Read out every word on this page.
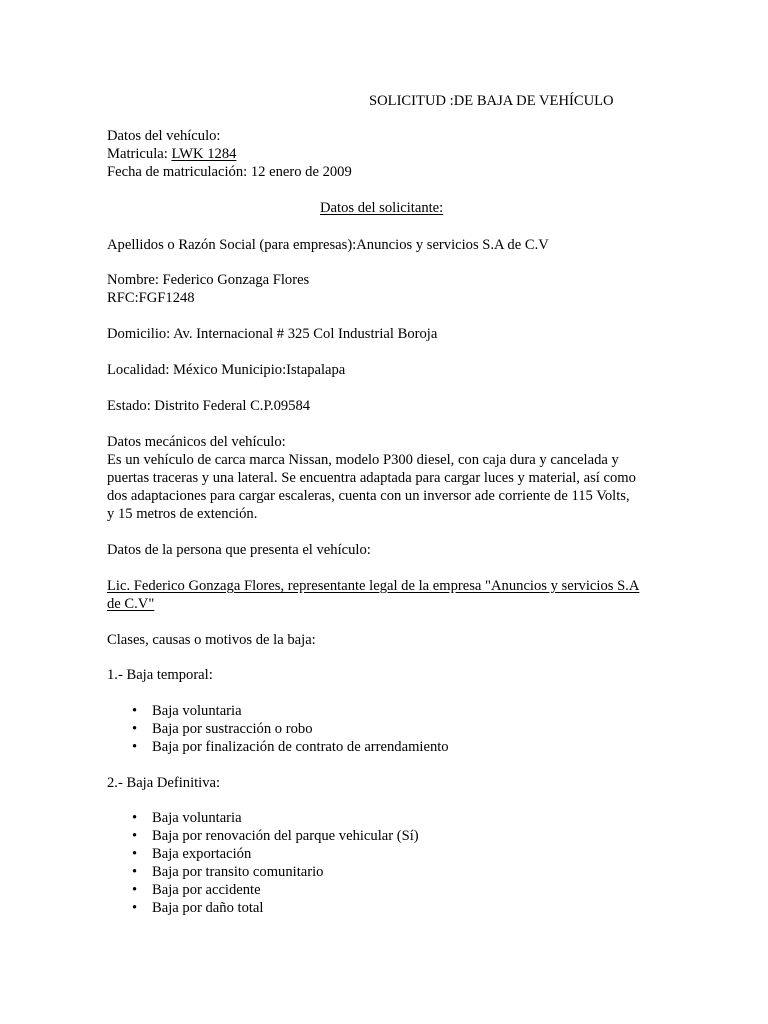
SOLICITUD :DE BAJA DE VEHÍCULO
Datos del vehículo:
Matricula: LWK 1284
Fecha de matriculación: 12 enero de 2009
Datos del solicitante:
Apellidos o Razón Social (para empresas):Anuncios y servicios S.A de C.V
Nombre: Federico Gonzaga Flores
RFC:FGF1248
Domicilio: Av. Internacional # 325 Col Industrial Boroja
Localidad: México Municipio:Istapalapa
Estado: Distrito Federal C.P.09584
Datos mecánicos del vehículo:
Es un vehículo de carca marca Nissan, modelo P300 diesel, con caja dura y cancelada y
puertas traceras y una lateral. Se encuentra adaptada para cargar luces y material, así como
dos adaptaciones para cargar escaleras, cuenta con un inversor ade corriente de 115 Volts,
y 15 metros de extención.
Datos de la persona que presenta el vehículo:
Lic. Federico Gonzaga Flores, representante legal de la empresa "Anuncios y servicios S.A
de C.V"
Clases, causas o motivos de la baja:
1.- Baja temporal:
•	Baja voluntaria
•	Baja por sustracción o robo
•	Baja por finalización de contrato de arrendamiento
2.- Baja Definitiva:
•	Baja voluntaria
•	Baja por renovación del parque vehicular (Sí)
•	Baja exportación
•	Baja por transito comunitario
•	Baja por accidente
•	Baja por daño total
